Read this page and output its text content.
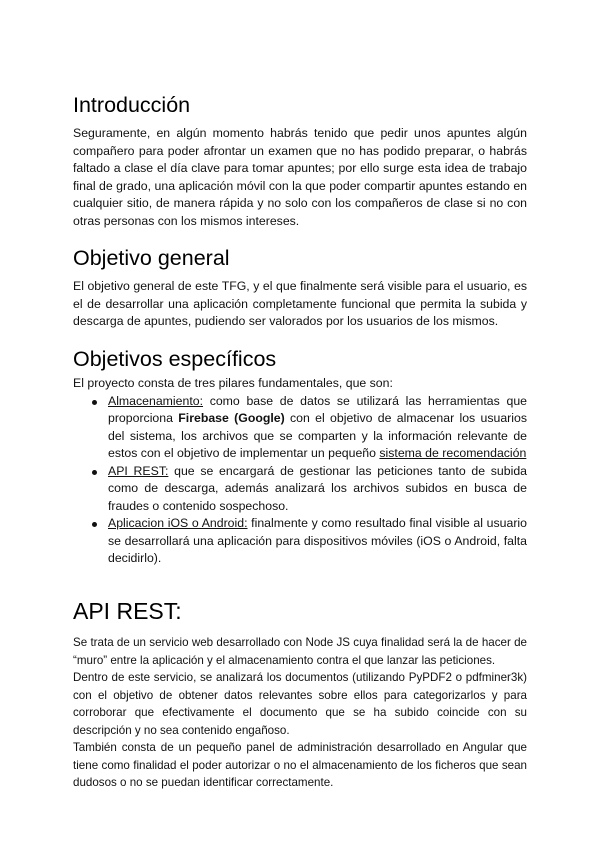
Introducción

Seguramente, en algún momento habrás tenido que pedir unos apuntes algún compañero para poder afrontar un examen que no has podido preparar, o habrás faltado a clase el día clave para tomar apuntes; por ello surge esta idea de trabajo final de grado, una aplicación móvil con la que poder compartir apuntes estando en cualquier sitio, de manera rápida y no solo con los compañeros de clase si no con otras personas con los mismos intereses.

Objetivo general

El objetivo general de este TFG, y el que finalmente será visible para el usuario, es el de desarrollar una aplicación completamente funcional que permita la subida y descarga de apuntes, pudiendo ser valorados por los usuarios de los mismos.

Objetivos específicos

El proyecto consta de tres pilares fundamentales, que son:

Almacenamiento: como base de datos se utilizará las herramientas que proporciona Firebase (Google) con el objetivo de almacenar los usuarios del sistema, los archivos que se comparten y la información relevante de estos con el objetivo de implementar un pequeño sistema de recomendación
API REST: que se encargará de gestionar las peticiones tanto de subida como de descarga, además analizará los archivos subidos en busca de fraudes o contenido sospechoso.
Aplicacion iOS o Android: finalmente y como resultado final visible al usuario se desarrollará una aplicación para dispositivos móviles (iOS o Android, falta decidirlo).
API REST:

Se trata de un servicio web desarrollado con Node JS cuya finalidad será la de hacer de “muro” entre la aplicación y el almacenamiento contra el que lanzar las peticiones.

Dentro de este servicio, se analizará los documentos (utilizando PyPDF2 o pdfminer3k) con el objetivo de obtener datos relevantes sobre ellos para categorizarlos y para corroborar que efectivamente el documento que se ha subido coincide con su descripción y no sea contenido engañoso.

También consta de un pequeño panel de administración desarrollado en Angular que tiene como finalidad el poder autorizar o no el almacenamiento de los ficheros que sean dudosos o no se puedan identificar correctamente.
